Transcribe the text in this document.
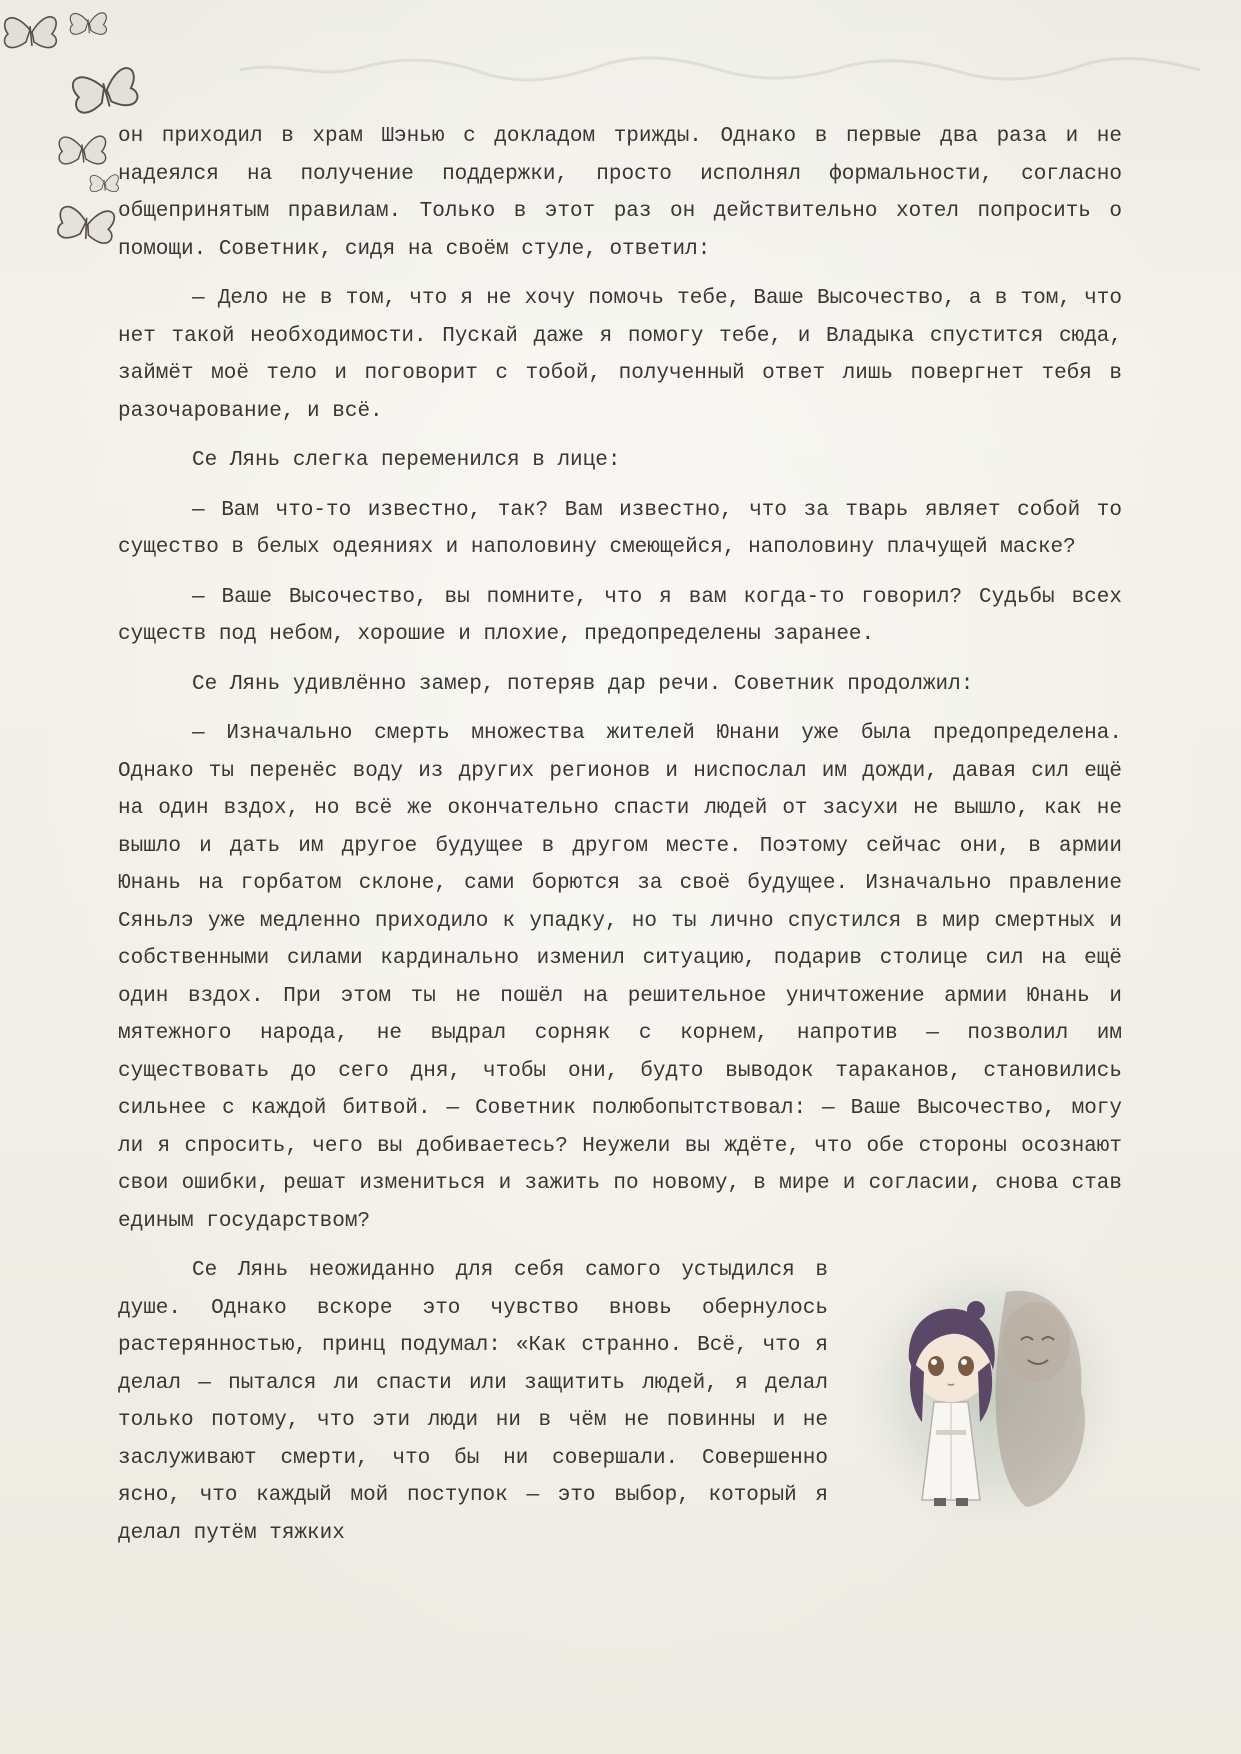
он приходил в храм Шэнью с докладом трижды. Однако в первые два раза и не надеялся на получение поддержки, просто исполнял формальности, согласно общепринятым правилам. Только в этот раз он действительно хотел попросить о помощи. Советник, сидя на своём стуле, ответил:

— Дело не в том, что я не хочу помочь тебе, Ваше Высочество, а в том, что нет такой необходимости. Пускай даже я помогу тебе, и Владыка спустится сюда, займёт моё тело и поговорит с тобой, полученный ответ лишь повергнет тебя в разочарование, и всё.

Се Лянь слегка переменился в лице:

— Вам что-то известно, так? Вам известно, что за тварь являет собой то существо в белых одеяниях и наполовину смеющейся, наполовину плачущей маске?

— Ваше Высочество, вы помните, что я вам когда-то говорил? Судьбы всех существ под небом, хорошие и плохие, предопределены заранее.

Се Лянь удивлённо замер, потеряв дар речи. Советник продолжил:

— Изначально смерть множества жителей Юнани уже была предопределена. Однако ты перенёс воду из других регионов и ниспослал им дожди, давая сил ещё на один вздох, но всё же окончательно спасти людей от засухи не вышло, как не вышло и дать им другое будущее в другом месте. Поэтому сейчас они, в армии Юнань на горбатом склоне, сами борются за своё будущее. Изначально правление Сяньлэ уже медленно приходило к упадку, но ты лично спустился в мир смертных и собственными силами кардинально изменил ситуацию, подарив столице сил на ещё один вздох. При этом ты не пошёл на решительное уничтожение армии Юнань и мятежного народа, не выдрал сорняк с корнем, напротив — позволил им существовать до сего дня, чтобы они, будто выводок тараканов, становились сильнее с каждой битвой. — Советник полюбопытствовал: — Ваше Высочество, могу ли я спросить, чего вы добиваетесь? Неужели вы ждёте, что обе стороны осознают свои ошибки, решат измениться и зажить по новому, в мире и согласии, снова став единым государством?

Се Лянь неожиданно для себя самого устыдился в душе. Однако вскоре это чувство вновь обернулось растерянностью, принц подумал: «Как странно. Всё, что я делал — пытался ли спасти или защитить людей, я делал только потому, что эти люди ни в чём не повинны и не заслуживают смерти, что бы ни совершали. Совершенно ясно, что каждый мой поступок — это выбор, который я делал путём тяжких
